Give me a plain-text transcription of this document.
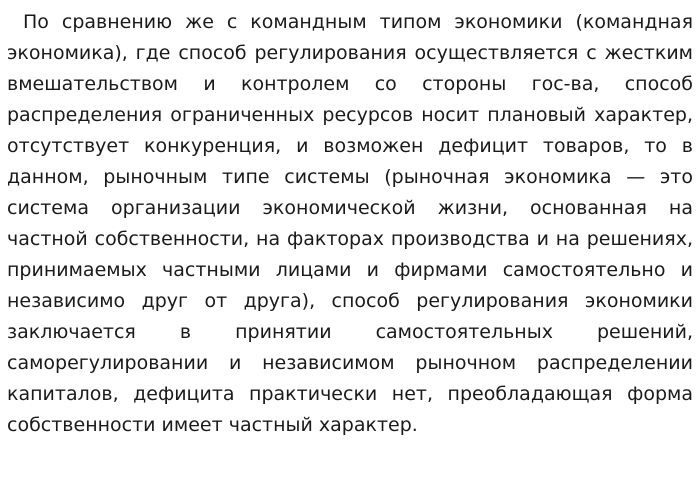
По сравнению же с командным типом экономики (командная экономика), где способ регулирования осуществляется с жестким вмешательством и контролем со стороны гос-ва, способ распределения ограниченных ресурсов носит плановый характер, отсутствует конкуренция, и возможен дефицит товаров, то в данном, рыночным типе системы (рыночная экономика — это система организации экономической жизни, основанная на частной собственности, на факторах производства и на решениях, принимаемых частными лицами и фирмами самостоятельно и независимо друг от друга), способ регулирования экономики заключается в принятии самостоятельных решений, саморегулировании и независимом рыночном распределении капиталов, дефицита практически нет, преобладающая форма собственности имеет частный характер.
